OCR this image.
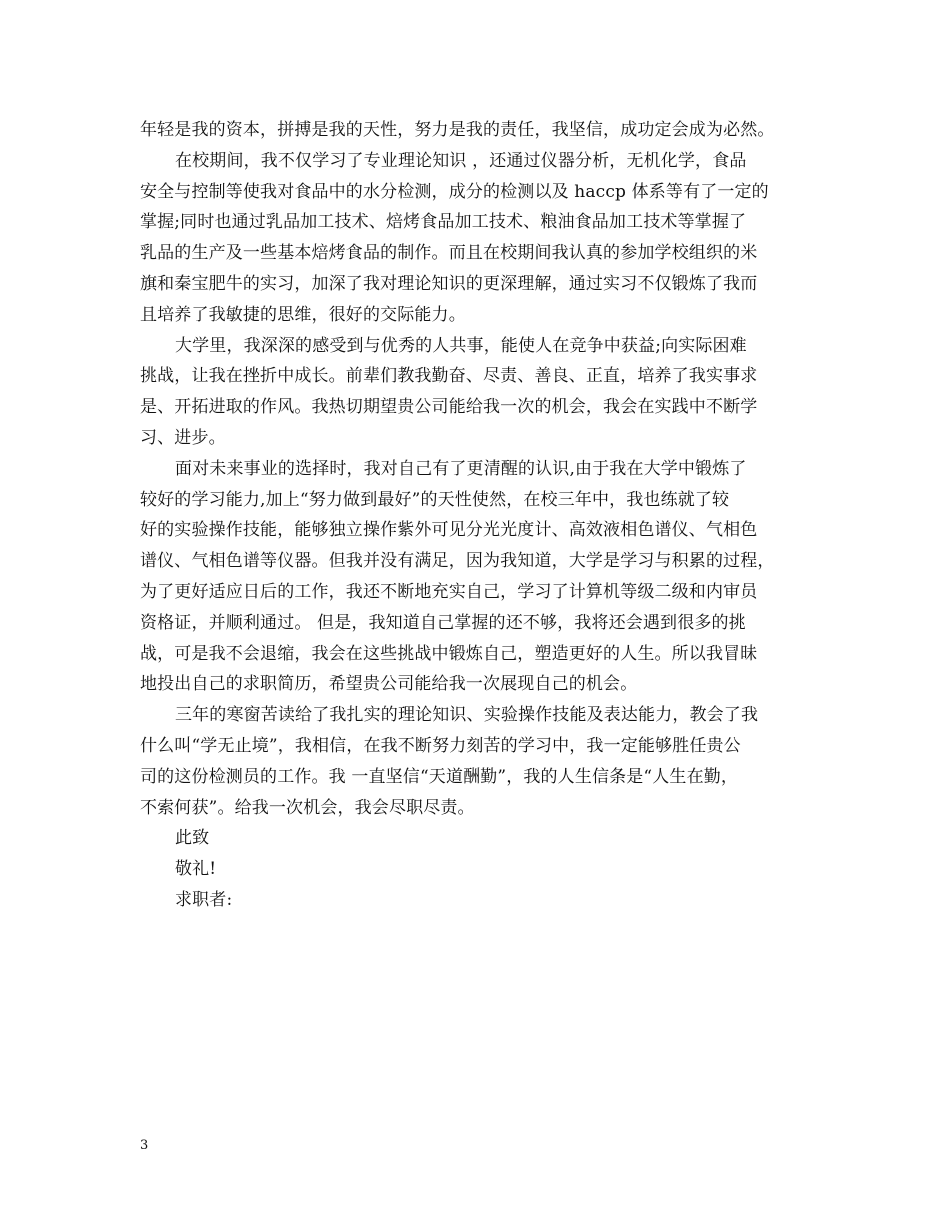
年轻是我的资本，拼搏是我的天性，努力是我的责任，我坚信，成功定会成为必然。
在校期间，我不仅学习了专业理论知识 ，还通过仪器分析，无机化学，食品
安全与控制等使我对食品中的水分检测，成分的检测以及 haccp 体系等有了一定的
掌握;同时也通过乳品加工技术、焙烤食品加工技术、粮油食品加工技术等掌握了
乳品的生产及一些基本焙烤食品的制作。而且在校期间我认真的参加学校组织的米
旗和秦宝肥牛的实习，加深了我对理论知识的更深理解，通过实习不仅锻炼了我而
且培养了我敏捷的思维，很好的交际能力。
大学里，我深深的感受到与优秀的人共事，能使人在竞争中获益;向实际困难
挑战，让我在挫折中成长。前辈们教我勤奋、尽责、善良、正直，培养了我实事求
是、开拓进取的作风。我热切期望贵公司能给我一次的机会，我会在实践中不断学
习、进步。
面对未来事业的选择时，我对自己有了更清醒的认识,由于我在大学中锻炼了
较好的学习能力,加上“努力做到最好”的天性使然，在校三年中，我也练就了较
好的实验操作技能，能够独立操作紫外可见分光光度计、高效液相色谱仪、气相色
谱仪、气相色谱等仪器。但我并没有满足，因为我知道，大学是学习与积累的过程，
为了更好适应日后的工作，我还不断地充实自己，学习了计算机等级二级和内审员
资格证，并顺利通过。 但是，我知道自己掌握的还不够，我将还会遇到很多的挑
战，可是我不会退缩，我会在这些挑战中锻炼自己，塑造更好的人生。所以我冒昧
地投出自己的求职简历，希望贵公司能给我一次展现自己的机会。
三年的寒窗苦读给了我扎实的理论知识、实验操作技能及表达能力，教会了我
什么叫“学无止境”，我相信，在我不断努力刻苦的学习中，我一定能够胜任贵公
司的这份检测员的工作。我 一直坚信“天道酬勤”，我的人生信条是“人生在勤，
不索何获”。给我一次机会，我会尽职尽责。
此致
敬礼!
求职者:
3
